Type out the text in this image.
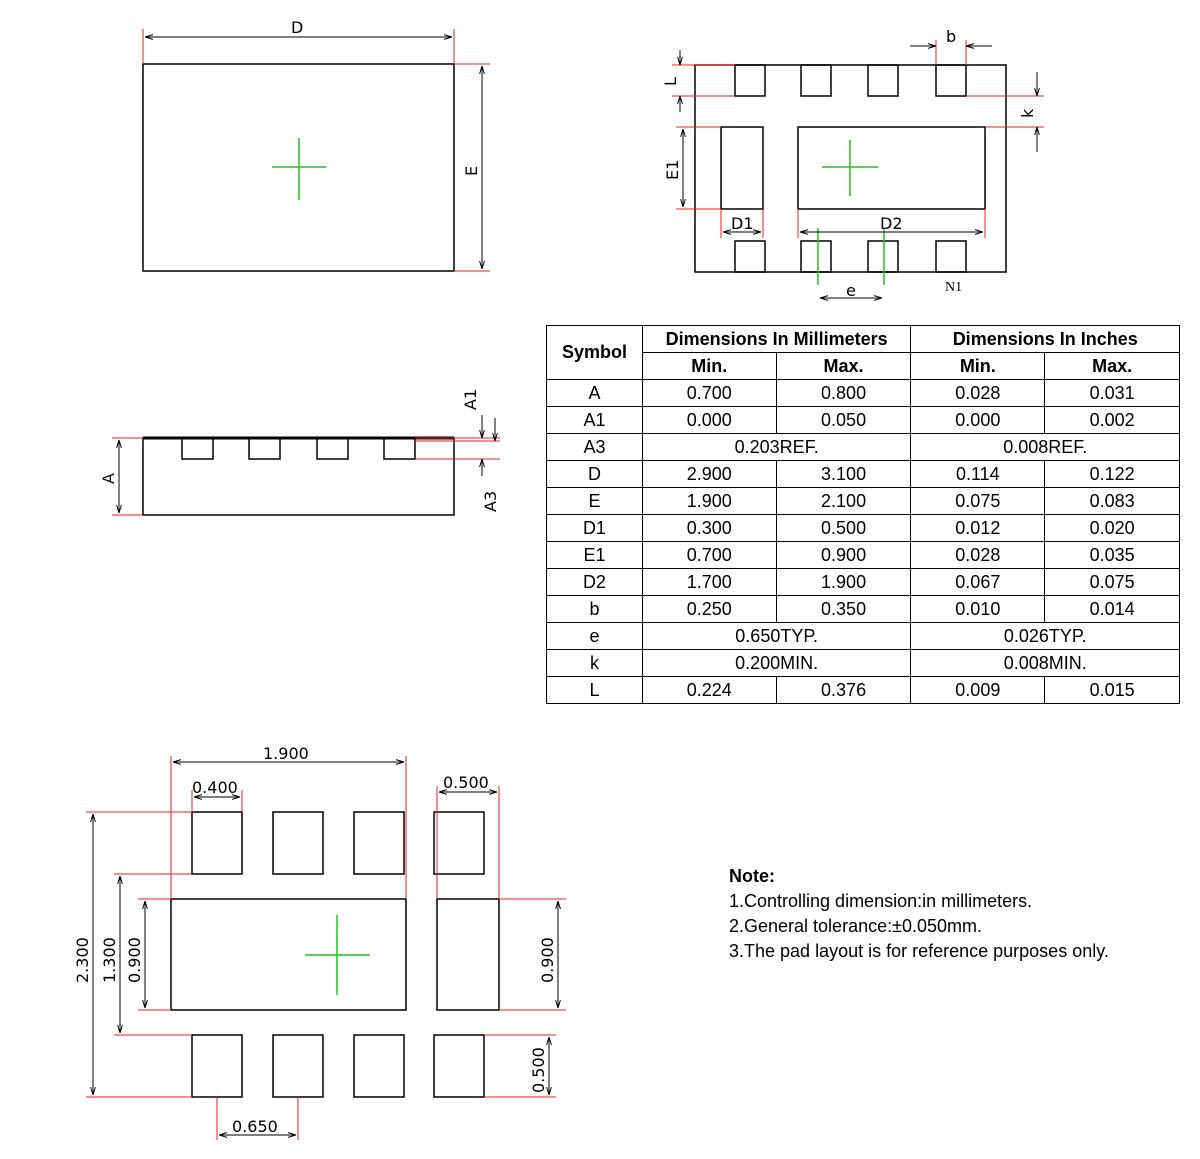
D
E
L
b
k
E1
D1	D2
e	N1
A
A1
A3
1.900
0.400	0.500
2.300 1.300 0.900	0.900
0.500
0.650
Symbol	Dimensions In Millimeters		Dimensions In Inches	
	Min.	Max.	Min.	Max.
A	0.700	0.800	0.028	0.031
A1	0.000	0.050	0.000	0.002
A3	0.203REF.		0.008REF.	
D	2.900	3.100	0.114	0.122
E	1.900	2.100	0.075	0.083
D1	0.300	0.500	0.012	0.020
E1	0.700	0.900	0.028	0.035
D2	1.700	1.900	0.067	0.075
b	0.250	0.350	0.010	0.014
e	0.650TYP.		0.026TYP.	
k	0.200MIN.		0.008MIN.	
L	0.224	0.376	0.009	0.015
Note:
1.Controlling dimension:in millimeters.
2.General tolerance:±0.050mm.
3.The pad layout is for reference purposes only.
